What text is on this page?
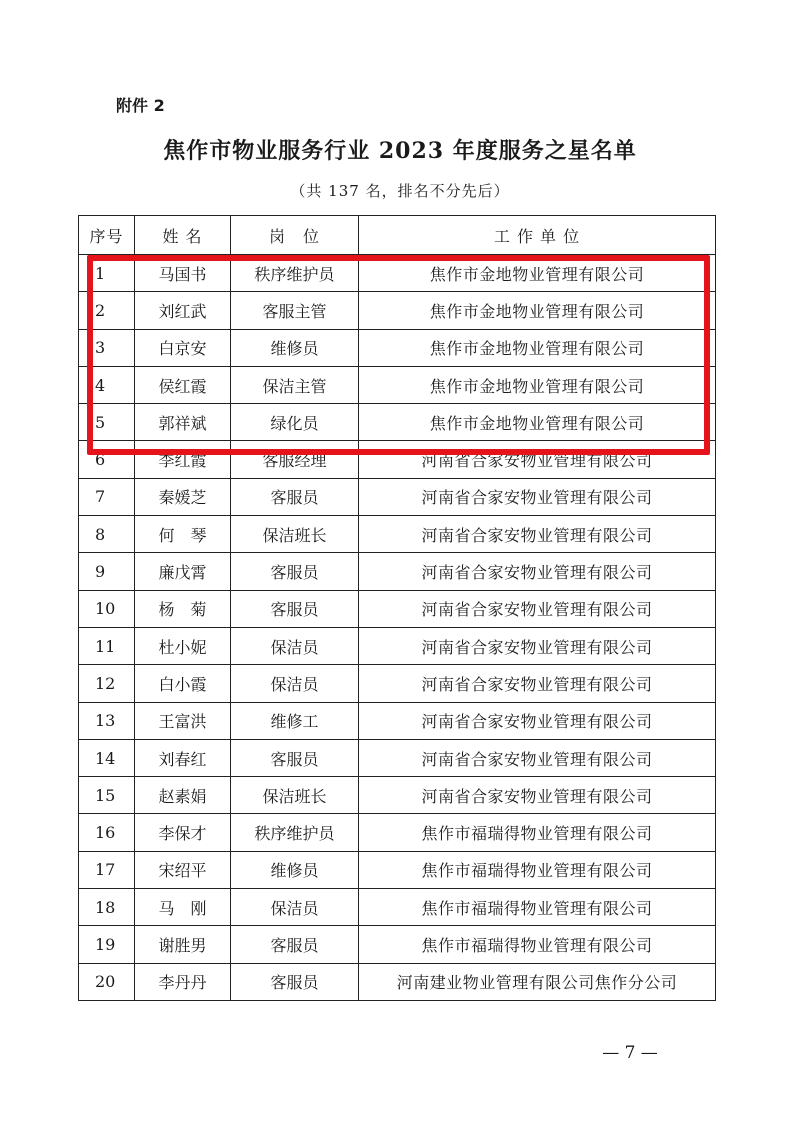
附件 2
焦作市物业服务行业 2023 年度服务之星名单
（共 137 名，排名不分先后）
序号	姓 名	岗　位	工 作 单 位
1	马国书	秩序维护员	焦作市金地物业管理有限公司
2	刘红武	客服主管	焦作市金地物业管理有限公司
3	白京安	维修员	焦作市金地物业管理有限公司
4	侯红霞	保洁主管	焦作市金地物业管理有限公司
5	郭祥斌	绿化员	焦作市金地物业管理有限公司
6	李红霞	客服经理	河南省合家安物业管理有限公司
7	秦媛芝	客服员	河南省合家安物业管理有限公司
8	何　琴	保洁班长	河南省合家安物业管理有限公司
9	廉戊霄	客服员	河南省合家安物业管理有限公司
10	杨　菊	客服员	河南省合家安物业管理有限公司
11	杜小妮	保洁员	河南省合家安物业管理有限公司
12	白小霞	保洁员	河南省合家安物业管理有限公司
13	王富洪	维修工	河南省合家安物业管理有限公司
14	刘春红	客服员	河南省合家安物业管理有限公司
15	赵素娟	保洁班长	河南省合家安物业管理有限公司
16	李保才	秩序维护员	焦作市福瑞得物业管理有限公司
17	宋绍平	维修员	焦作市福瑞得物业管理有限公司
18	马　刚	保洁员	焦作市福瑞得物业管理有限公司
19	谢胜男	客服员	焦作市福瑞得物业管理有限公司
20	李丹丹	客服员	河南建业物业管理有限公司焦作分公司
— 7 —
